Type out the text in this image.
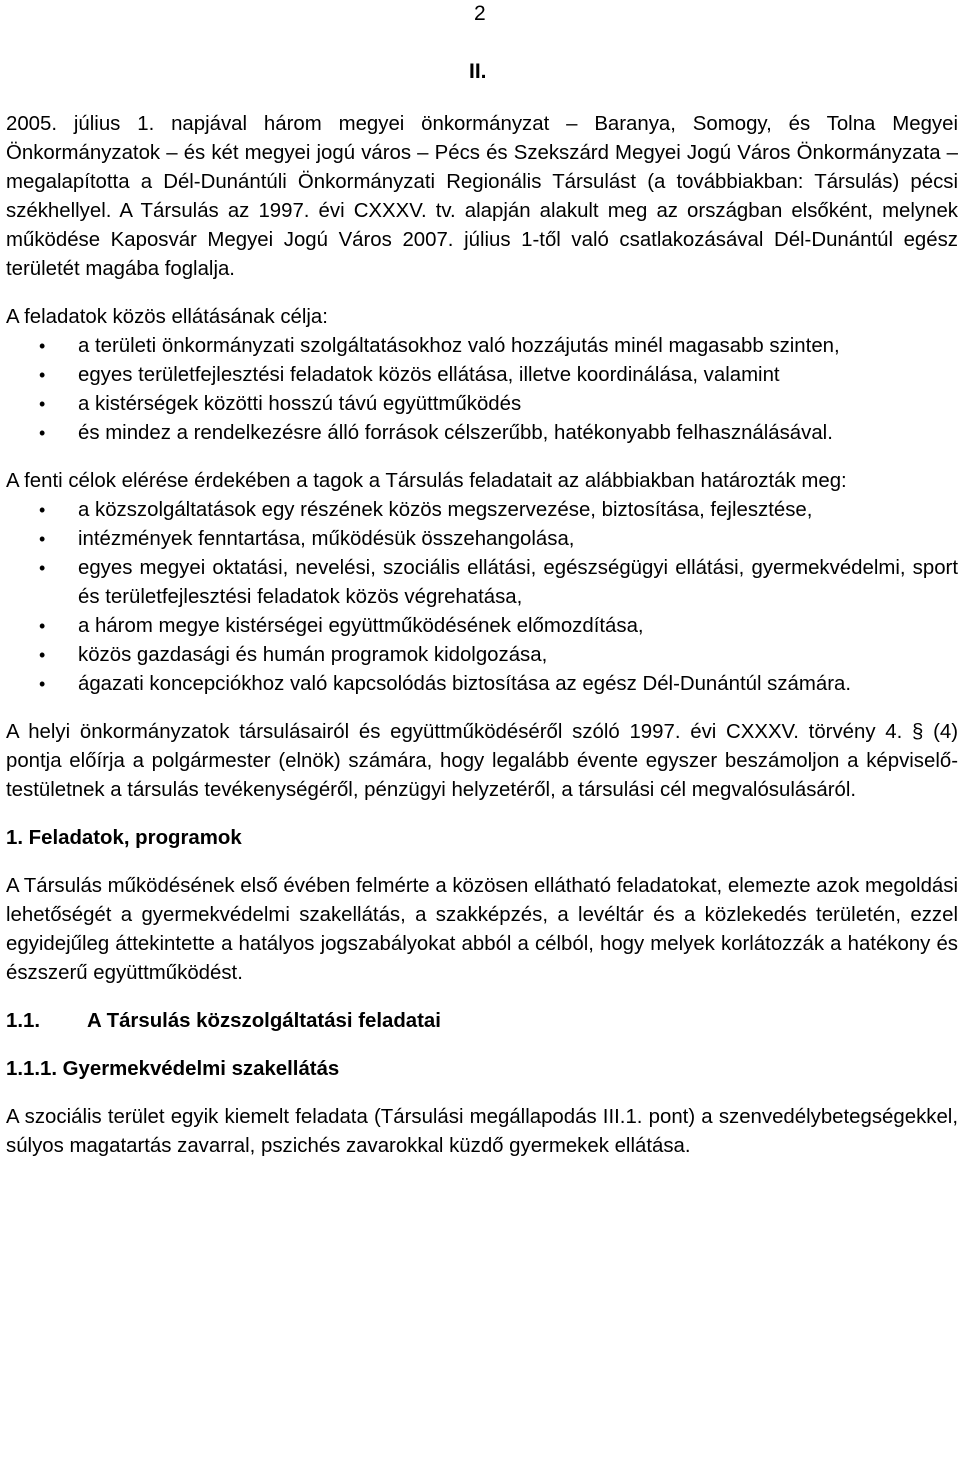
2
II.

2005. július 1. napjával három megyei önkormányzat – Baranya, Somogy, és Tolna Megyei Önkormányzatok – és két megyei jogú város – Pécs és Szekszárd Megyei Jogú Város Önkormányzata – megalapította a Dél-Dunántúli Önkormányzati Regionális Társulást (a továbbiakban: Társulás) pécsi székhellyel. A Társulás az 1997. évi CXXXV. tv. alapján alakult meg az országban elsőként, melynek működése Kaposvár Megyei Jogú Város 2007. július 1-től való csatlakozásával Dél-Dunántúl egész területét magába foglalja.

A feladatok közös ellátásának célja:

• a területi önkormányzati szolgáltatásokhoz való hozzájutás minél magasabb szinten,
• egyes területfejlesztési feladatok közös ellátása, illetve koordinálása, valamint
• a kistérségek közötti hosszú távú együttműködés
• és mindez a rendelkezésre álló források célszerűbb, hatékonyabb felhasználásával.

A fenti célok elérése érdekében a tagok a Társulás feladatait az alábbiakban határozták meg:

• a közszolgáltatások egy részének közös megszervezése, biztosítása, fejlesztése,
• intézmények fenntartása, működésük összehangolása,
• egyes megyei oktatási, nevelési, szociális ellátási, egészségügyi ellátási, gyermekvédelmi, sport és területfejlesztési feladatok közös végrehatása,
• a három megye kistérségei együttműködésének előmozdítása,
• közös gazdasági és humán programok kidolgozása,
• ágazati koncepciókhoz való kapcsolódás biztosítása az egész Dél-Dunántúl számára.

A helyi önkormányzatok társulásairól és együttműködéséről szóló 1997. évi CXXXV. törvény 4. § (4) pontja előírja a polgármester (elnök) számára, hogy legalább évente egyszer beszámoljon a képviselő-testületnek a társulás tevékenységéről, pénzügyi helyzetéről, a társulási cél megvalósulásáról.

1. Feladatok, programok

A Társulás működésének első évében felmérte a közösen ellátható feladatokat, elemezte azok megoldási lehetőségét a gyermekvédelmi szakellátás, a szakképzés, a levéltár és a közlekedés területén, ezzel egyidejűleg áttekintette a hatályos jogszabályokat abból a célból, hogy melyek korlátozzák a hatékony és észszerű együttműködést.

1.1. A Társulás közszolgáltatási feladatai
1.1.1. Gyermekvédelmi szakellátás

A szociális terület egyik kiemelt feladata (Társulási megállapodás III.1. pont) a szenvedélybetegségekkel, súlyos magatartás zavarral, pszichés zavarokkal küzdő gyermekek ellátása.
